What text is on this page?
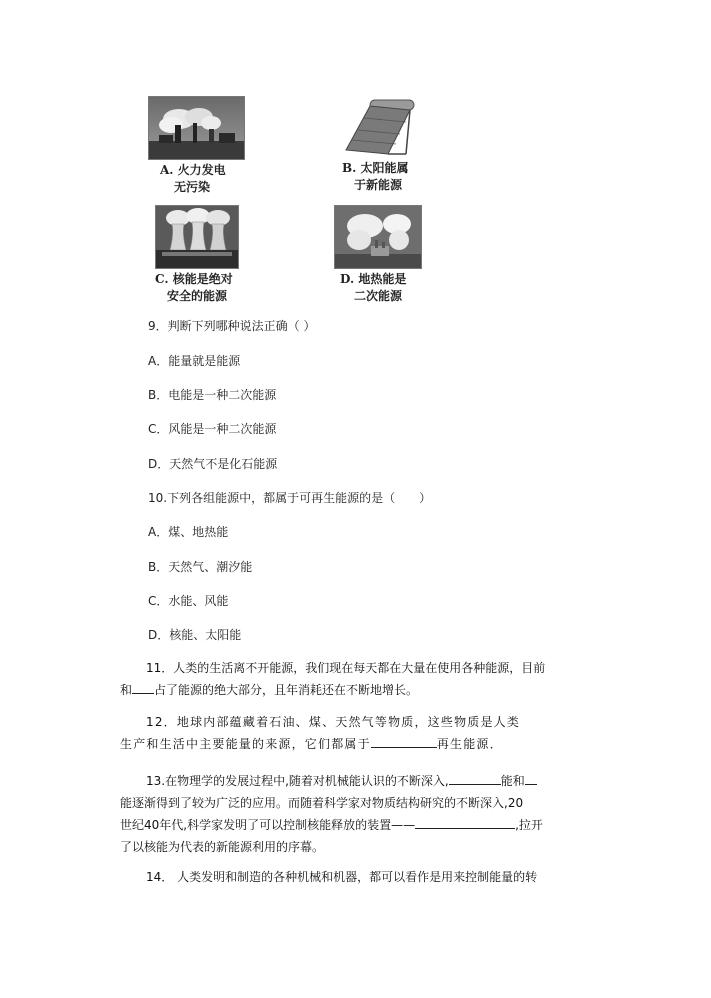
A. 火力发电
无污染
B. 太阳能属
于新能源
C. 核能是绝对
安全的能源
D. 地热能是
二次能源
9．判断下列哪种说法正确（ ）
A．能量就是能源
B．电能是一种二次能源
C．风能是一种二次能源
D．天然气不是化石能源
10.下列各组能源中，都属于可再生能源的是（　　）
A．煤、地热能
B．天然气、潮汐能
C．水能、风能
D．核能、太阳能
11．人类的生活离不开能源，我们现在每天都在大量在使用各种能源，目前
和 占了能源的绝大部分，且年消耗还在不断地增长。
12．地球内部蕴藏着石油、煤、天然气等物质，这些物质是人类
生产和生活中主要能量的来源，它们都属于	再生能源．
13.在物理学的发展过程中,随着对机械能认识的不断深入,	能和
能逐渐得到了较为广泛的应用。而随着科学家对物质结构研究的不断深入,20
世纪40年代,科学家发明了可以控制核能释放的装置——	,拉开
了以核能为代表的新能源利用的序幕。
14． 人类发明和制造的各种机械和机器，都可以看作是用来控制能量的转
